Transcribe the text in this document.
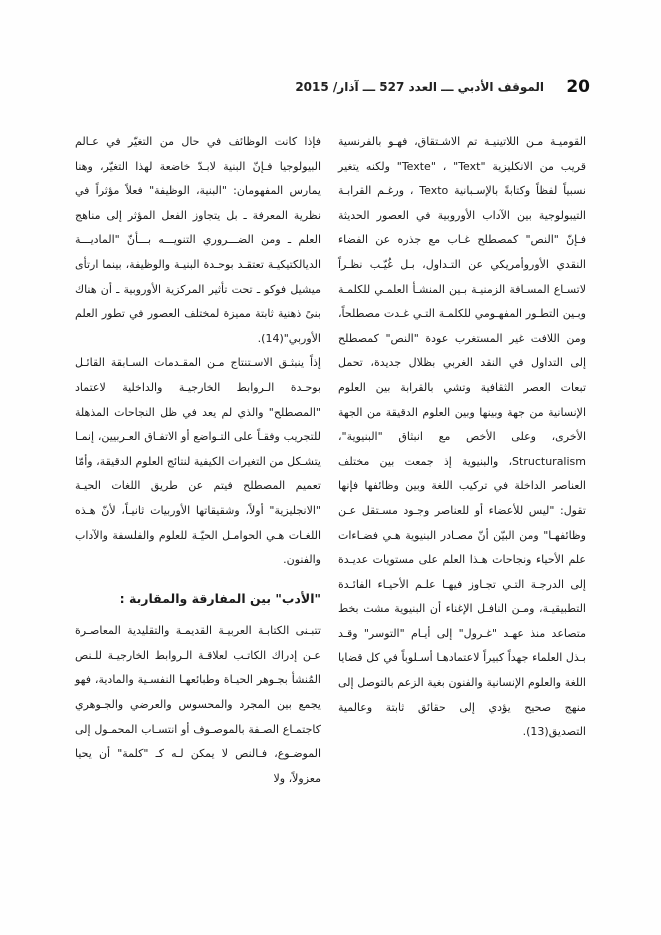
20
الموقف الأدبي ـــ العدد 527 ـــ آذار/ 2015

القوميـة مـن اللاتينيـة تم الاشـتقاق، فهـو بالفرنسية قريب من الانكليزية "Texte" ، "Text" ولكنه يتغير نسبياً لفظاً وكتابةً بالإسـبانية Texto ، ورغـم القرابـة التيبولوجية بين الآداب الأوروبية في العصور الحديثة فـإنّ "النص" كمصطلح غـاب مع جذره عن الفضاء النقدي الأوروأمريكي عن التـداول، بـل غُيّـب نظـراً لاتسـاع المسـافة الزمنيـة بـين المنشـأ العلمـي للكلمـة وبـين التطـور المفهـومي للكلمـة التـي غـدت مصطلحاً، ومن اللافت غير المستغرب عودة "النص" كمصطلح إلى التداول في النقد الغربي بظلال جديدة، تحمل تبعات العصر الثقافية وتشي بالقرابة بين العلوم الإنسانية من جهة وبينها وبين العلوم الدقيقة من الجهة الأخرى، وعلى الأخص مع انبثاق "البنيوية"، Structuralism، والبنيوية إذ جمعت بين مختلف العناصر الداخلة في تركيب اللغة وبين وظائفها فإنها تقول: "ليس للأعضاء أو للعناصر وجـود مسـتقل عـن وظائفهـا" ومن البيّن أنّ مصـادر البنيوية هـي فضـاءات علم الأحياء ونجاحات هـذا العلم على مستويات عديـدة إلى الدرجـة التـي تجـاوز فيهـا علـم الأحيـاء الفائـدة التطبيقيـة، ومـن النافـل الإغناء أن البنيوية مشت بخط متصاعد منذ عهـد "غـرول" إلى أيـام "التوسر" وقـد بـذل العلماء جهداً كبيراً لاعتمادهـا أسـلوباً في كل قضايا اللغة والعلوم الإنسانية والفنون بغية الزعم بالتوصل إلى منهج صحيح يؤدي إلى حقائق ثابتة وعالمية التصديق(13).

فإذا كانت الوظائف في حال من التغيّر في عـالم البيولوجيا فـإنّ البنية لابـدّ خاضعة لهذا التغيّر، وهنا يمارس المفهومان: "البنية، الوظيفة" فعلاً مؤثراً في نظرية المعرفة ـ بل يتجاوز الفعل المؤثر إلى مناهج العلم ـ ومن الضـــروري التنويـــه بـــأنّ "الماديـــة الديالكتيكيـة تعتقـد بوحـدة البنيـة والوظيفة، بينما ارتأى ميشيل فوكو ـ تحت تأثير المركزية الأوروبية ـ أن هناك بنىً ذهنية ثابتة مميزة لمختلف العصور في تطور العلم الأوربي"(14).

إذاً ينبثـق الاسـتنتاج مـن المقـدمات السـابقة القائـل بوحـدة الـروابط الخارجيـة والداخلية لاعتماد "المصطلح" والذي لم يعد في ظل النجاحات المذهلة للتجريب وفقـاً على التـواضع أو الاتفـاق العـربيين، إنمـا يتشـكل من التغيرات الكيفية لنتائج العلوم الدقيقة، وأمّا تعميم المصطلح فيتم عن طريق اللغات الحيـة "الانجليزية" أولاً، وشقيقاتها الأوربيات ثانيـاً، لأنّ هـذه اللغـات هـي الحوامـل الحيّـة للعلوم والفلسفة والآداب والفنون.

"الأدب" بين المفارقة والمقاربة :

تتبـنى الكتابـة العربيـة القديمـة والتقليدية المعاصـرة عـن إدراك الكاتـب لعلاقـة الـروابط الخارجيـة للـنص المُنشأ بجـوهر الحيـاة وطبائعهـا النفسـية والمادية، فهو يجمع بين المجرد والمحسوس والعرضي والجـوهري كاجتمـاع الصـفة بالموصـوف أو انتسـاب المحمـول إلى الموضـوع، فـالنص لا يمكن لـه كـ "كلمة" أن يحيا معزولاً، ولا
